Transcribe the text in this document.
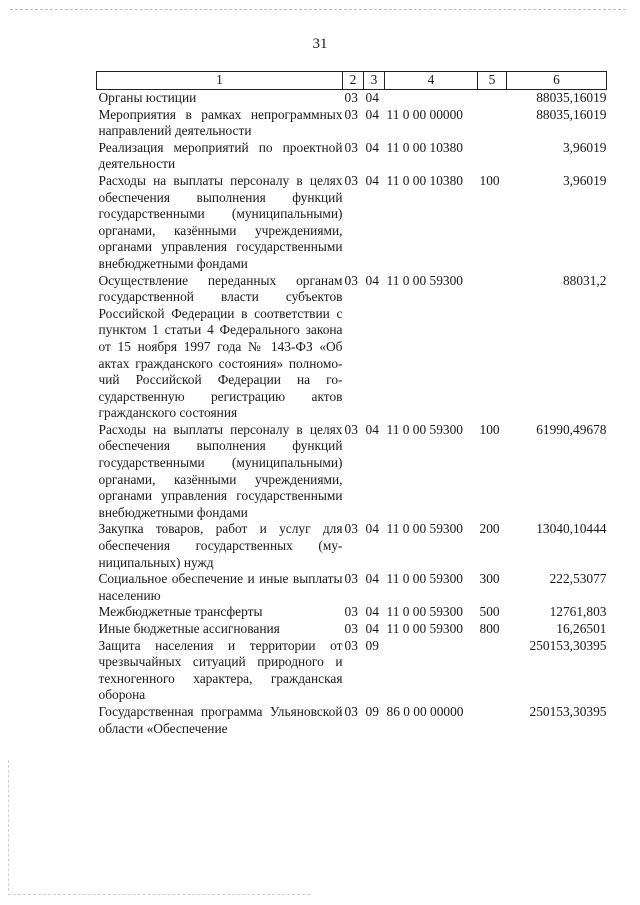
31
1	2	3	4	5	6
Органы юстиции	03	04			88035,16019
Мероприятия в рамках непрограммных направлений деятельности	03	04	11 0 00 00000		88035,16019
Реализация мероприятий по проектной деятельности	03	04	11 0 00 10380		3,96019
Расходы на выплаты персоналу в целях обеспечения выполнения функций государственными (муниципальными) органами, казёнными учреждениями, органами управления государственными внебюджетными фондами	03	04	11 0 00 10380	100	3,96019
Осуществление переданных органам государственной власти субъектов Российской Федерации в соответствии с пунктом 1 статьи 4 Федерального закона от 15 ноября 1997 года № 143-ФЗ «Об актах гражданского состояния» полномочий Российской Федерации на государственную регистрацию актов гражданского состояния	03	04	11 0 00 59300		88031,2
Расходы на выплаты персоналу в целях обеспечения выполнения функций государственными (муниципальными) органами, казёнными учреждениями, органами управления государственными внебюджетными фондами	03	04	11 0 00 59300	100	61990,49678
Закупка товаров, работ и услуг для обеспечения государственных (муниципальных) нужд	03	04	11 0 00 59300	200	13040,10444
Социальное обеспечение и иные выплаты населению	03	04	11 0 00 59300	300	222,53077
Межбюджетные трансферты	03	04	11 0 00 59300	500	12761,803
Иные бюджетные ассигнования	03	04	11 0 00 59300	800	16,26501
Защита населения и территории от чрезвычайных ситуаций природного и техногенного характера, гражданская оборона	03	09			250153,30395
Государственная программа Ульяновской области «Обеспечение	03	09	86 0 00 00000		250153,30395
